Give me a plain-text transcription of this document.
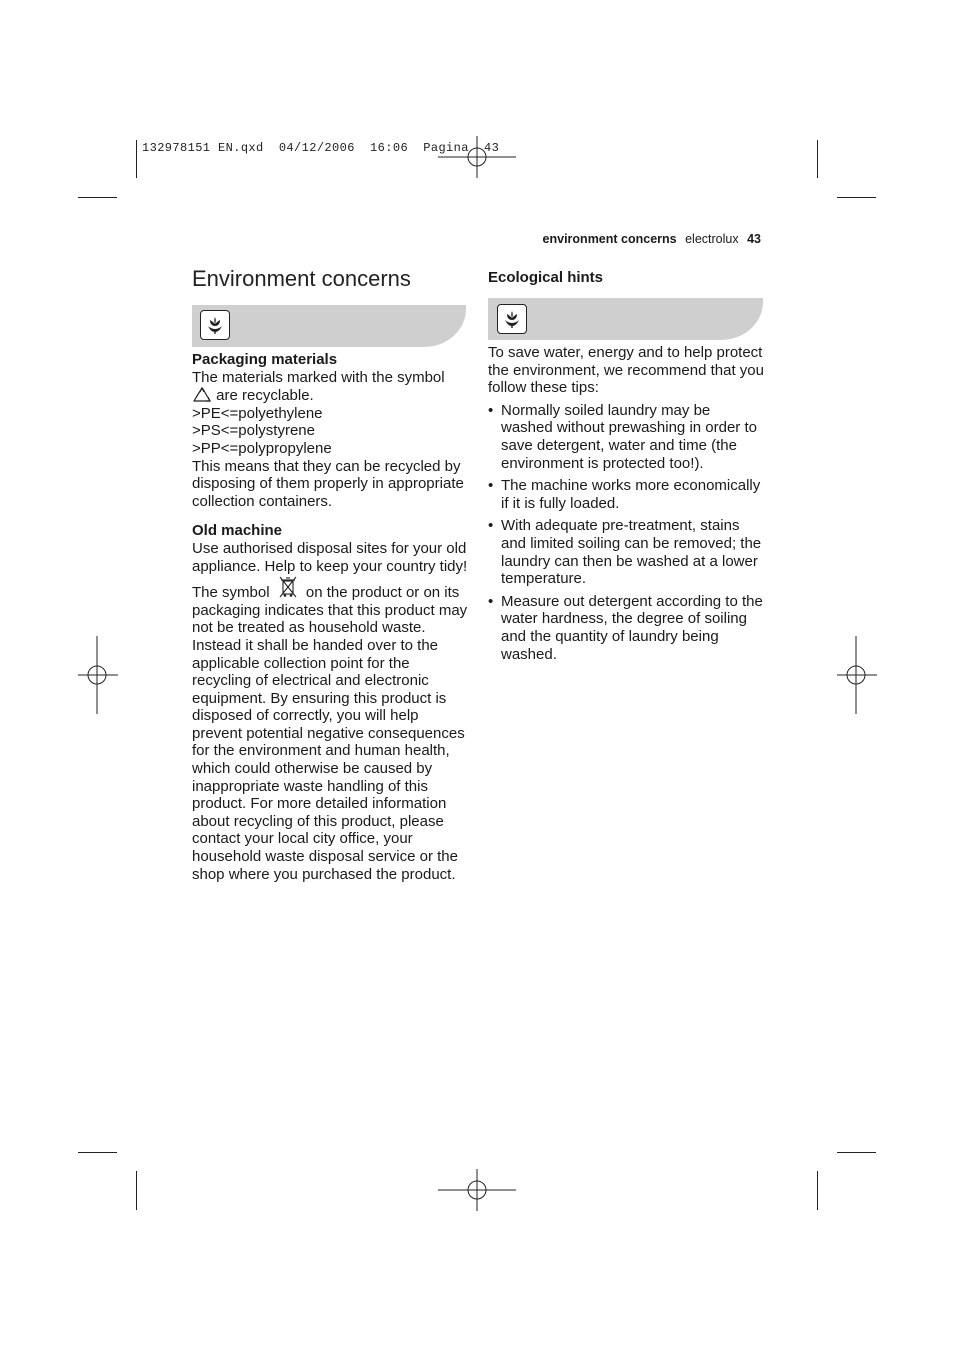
132978151 EN.qxd  04/12/2006  16:06  Pagina  43
environment concerns electrolux 43
Environment concerns

Packaging materials

The materials marked with the symbol
are recyclable.

>PE<=polyethylene

>PS<=polystyrene

>PP<=polypropylene

This means that they can be recycled by disposing of them properly in appropriate collection containers.

Old machine

Use authorised disposal sites for your old appliance. Help to keep your country tidy!

The symbol on the product or on its packaging indicates that this product may not be treated as household waste. Instead it shall be handed over to the applicable collection point for the recycling of electrical and electronic equipment. By ensuring this product is disposed of correctly, you will help prevent potential negative consequences for the environment and human health, which could otherwise be caused by inappropriate waste handling of this product. For more detailed information about recycling of this product, please contact your local city office, your household waste disposal service or the shop where you purchased the product.

Ecological hints

To save water, energy and to help protect the environment, we recommend that you follow these tips:

• Normally soiled laundry may be washed without prewashing in order to save detergent, water and time (the environment is protected too!).
• The machine works more economically if it is fully loaded.
• With adequate pre-treatment, stains and limited soiling can be removed; the laundry can then be washed at a lower temperature.
• Measure out detergent according to the water hardness, the degree of soiling and the quantity of laundry being washed.
